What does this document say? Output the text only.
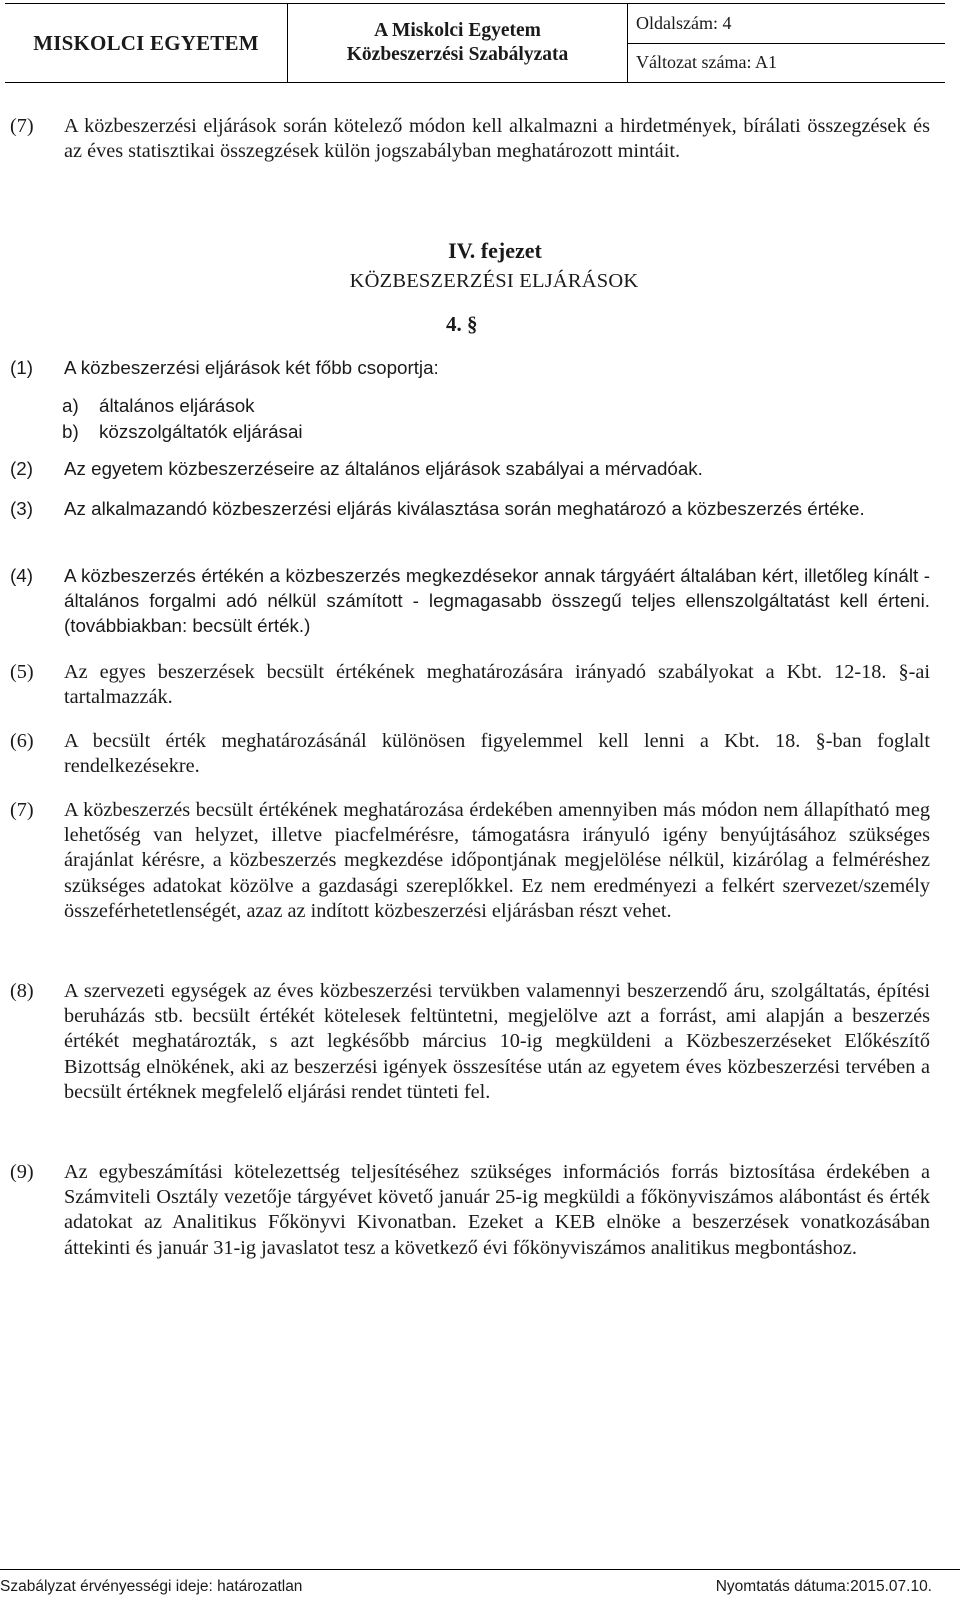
MISKOLCI EGYETEM	A Miskolci Egyetem
Közbeszerzési Szabályzata
Oldalszám: 4
Változat száma: A1
(7) A közbeszerzési eljárások során kötelező módon kell alkalmazni a hirdetmények, bírálati összegzések és az éves statisztikai összegzések külön jogszabályban meghatározott mintáit.
IV. fejezet
KÖZBESZERZÉSI ELJÁRÁSOK
4. §
(1) A közbeszerzési eljárások két főbb csoportja:
a)	általános eljárások
b)	közszolgáltatók eljárásai
(2) Az egyetem közbeszerzéseire az általános eljárások szabályai a mérvadóak.
(3) Az alkalmazandó közbeszerzési eljárás kiválasztása során meghatározó a közbeszerzés értéke.
(4) A közbeszerzés értékén a közbeszerzés megkezdésekor annak tárgyáért általában kért, illetőleg kínált - általános forgalmi adó nélkül számított - legmagasabb összegű teljes ellenszolgáltatást kell érteni. (továbbiakban: becsült érték.)
(5) Az egyes beszerzések becsült értékének meghatározására irányadó szabályokat a Kbt. 12-18. §-ai tartalmazzák.
(6) A becsült érték meghatározásánál különösen figyelemmel kell lenni a Kbt. 18. §-ban foglalt rendelkezésekre.
(7) A közbeszerzés becsült értékének meghatározása érdekében amennyiben más módon nem állapítható meg lehetőség van helyzet, illetve piacfelmérésre, támogatásra irányuló igény benyújtásához szükséges árajánlat kérésre, a közbeszerzés megkezdése időpontjának megjelölése nélkül, kizárólag a felméréshez szükséges adatokat közölve a gazdasági szereplőkkel. Ez nem eredményezi a felkért szervezet/személy összeférhetetlenségét, azaz az indított közbeszerzési eljárásban részt vehet.
(8) A szervezeti egységek az éves közbeszerzési tervükben valamennyi beszerzendő áru, szolgáltatás, építési beruházás stb. becsült értékét kötelesek feltüntetni, megjelölve azt a forrást, ami alapján a beszerzés értékét meghatározták, s azt legkésőbb március 10-ig megküldeni a Közbeszerzéseket Előkészítő Bizottság elnökének, aki az beszerzési igények összesítése után az egyetem éves közbeszerzési tervében a becsült értéknek megfelelő eljárási rendet tünteti fel.
(9) Az egybeszámítási kötelezettség teljesítéséhez szükséges információs forrás biztosítása érdekében a Számviteli Osztály vezetője tárgyévet követő január 25-ig megküldi a főkönyviszámos alábontást és érték adatokat az Analitikus Főkönyvi Kivonatban. Ezeket a KEB elnöke a beszerzések vonatkozásában áttekinti és január 31-ig javaslatot tesz a következő évi főkönyviszámos analitikus megbontáshoz.
Szabályzat érvényességi ideje: határozatlan	Nyomtatás dátuma:2015.07.10.
